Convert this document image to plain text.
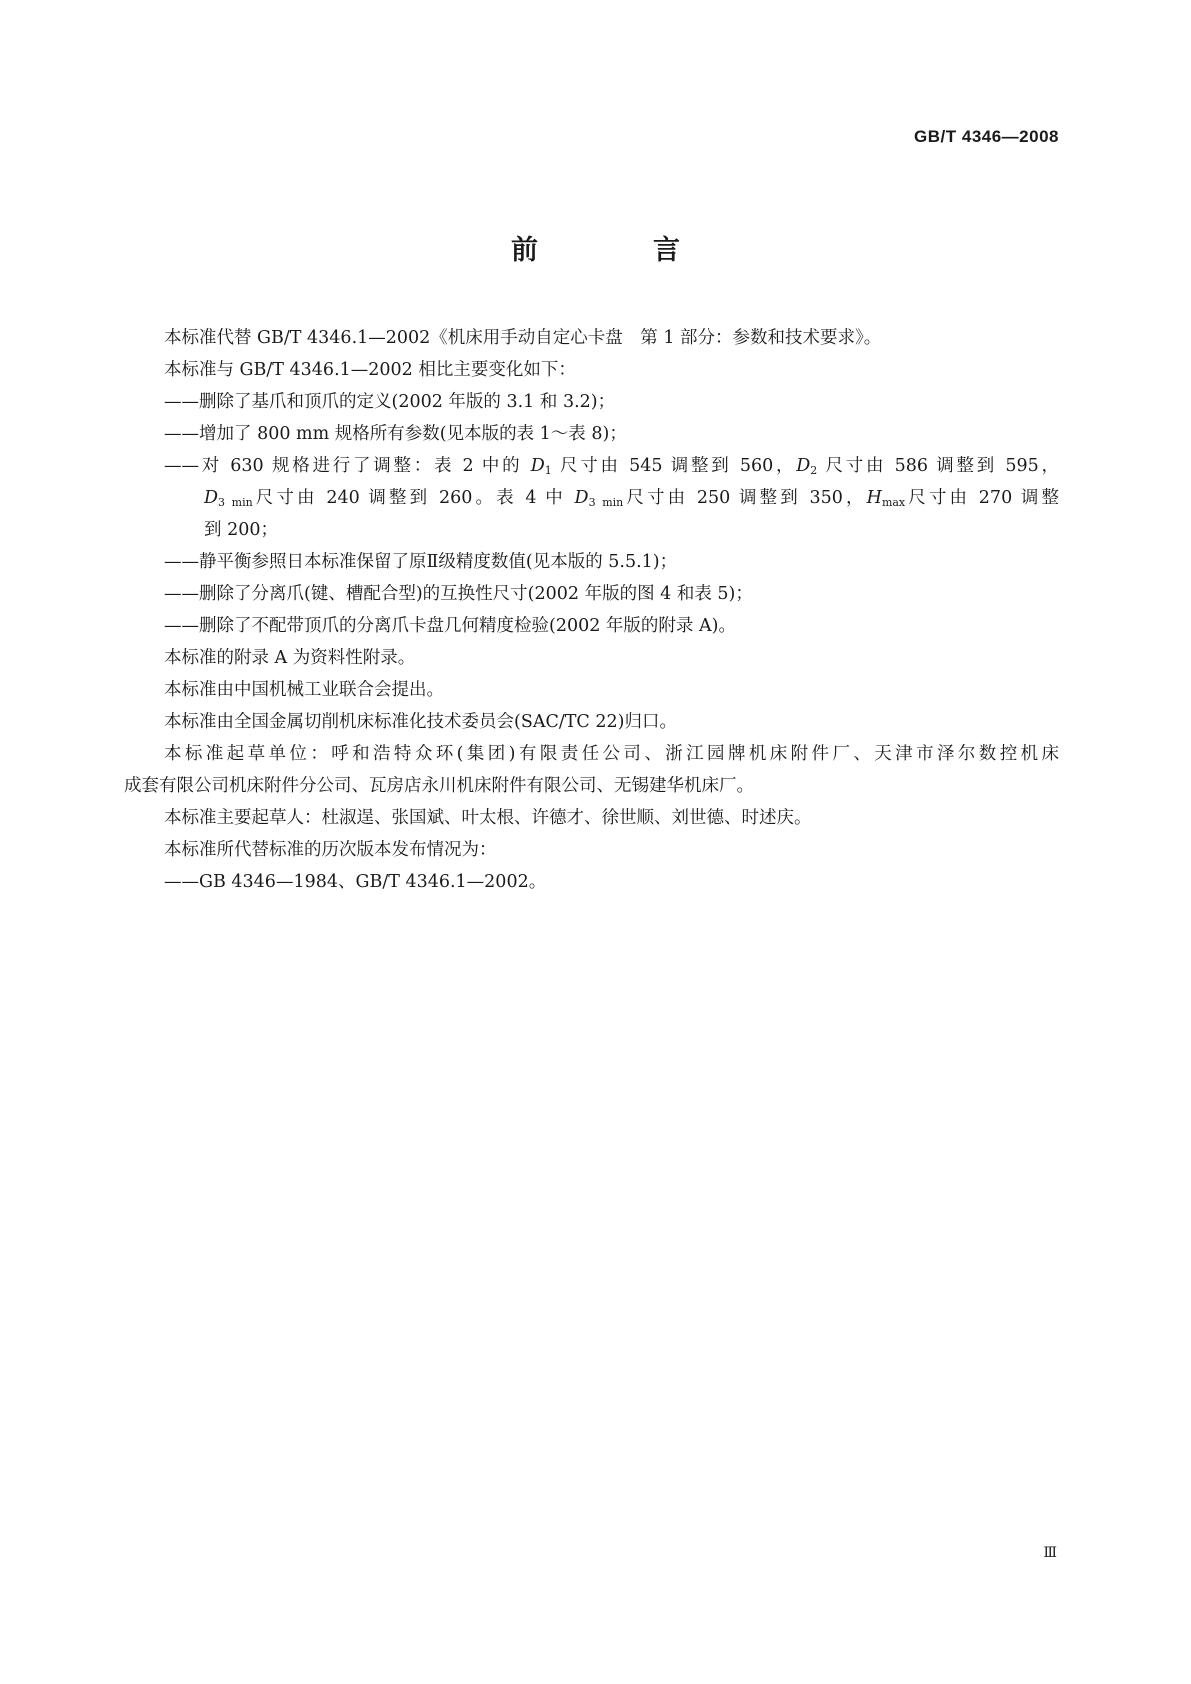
GB/T 4346—2008
前　言
本标准代替 GB/T 4346.1—2002《机床用手动自定心卡盘　第 1 部分：参数和技术要求》。
本标准与 GB/T 4346.1—2002 相比主要变化如下：
——删除了基爪和顶爪的定义(2002 年版的 3.1 和 3.2)；
——增加了 800 mm 规格所有参数(见本版的表 1～表 8)；
——对 630 规格进行了调整：表 2 中的 $D_1$ 尺寸由 545 调整到 560，$D_2$ 尺寸由 586 调整到 595，
$D_{3 min}$尺寸由 240 调整到 260。表 4 中 $D_{3 min}$尺寸由 250 调整到 350，$H_{max}$尺寸由 270 调整
到 200；
——静平衡参照日本标准保留了原Ⅱ级精度数值(见本版的 5.5.1)；
——删除了分离爪(键、槽配合型)的互换性尺寸(2002 年版的图 4 和表 5)；
——删除了不配带顶爪的分离爪卡盘几何精度检验(2002 年版的附录 A)。
本标准的附录 A 为资料性附录。
本标准由中国机械工业联合会提出。
本标准由全国金属切削机床标准化技术委员会(SAC/TC 22)归口。
本标准起草单位：呼和浩特众环(集团)有限责任公司、浙江园牌机床附件厂、天津市泽尔数控机床
成套有限公司机床附件分公司、瓦房店永川机床附件有限公司、无锡建华机床厂。
本标准主要起草人：杜淑逞、张国斌、叶太根、许德才、徐世顺、刘世德、时述庆。
本标准所代替标准的历次版本发布情况为：
——GB 4346—1984、GB/T 4346.1—2002。
Ⅲ
